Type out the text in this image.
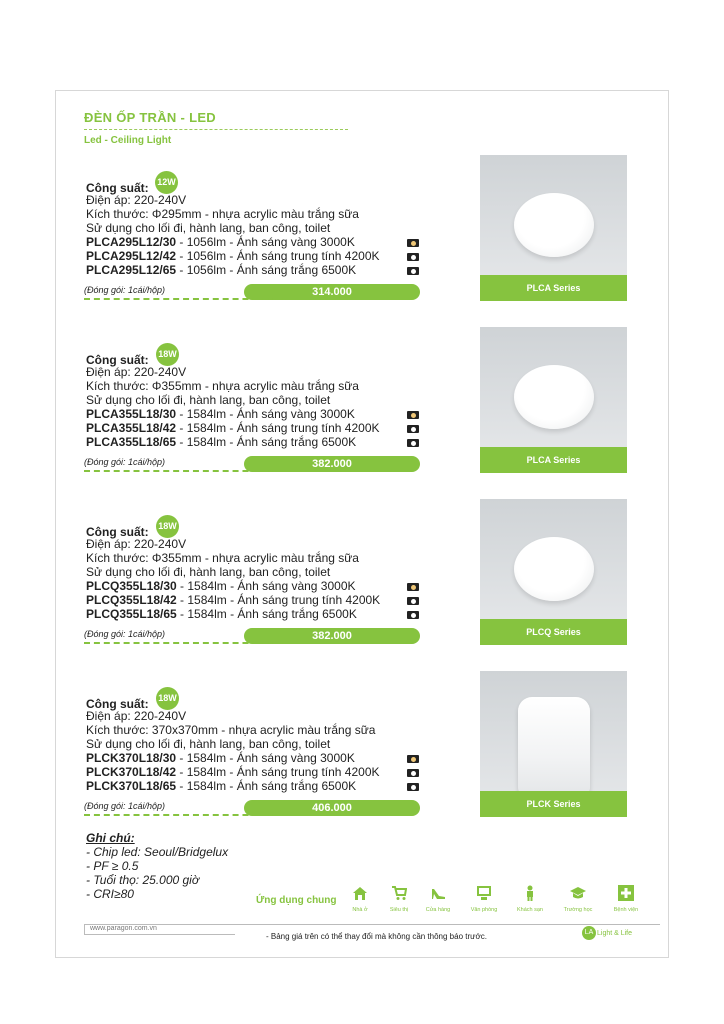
ĐÈN ỐP TRẦN - LED
Led - Ceiling Light
Công suất: 12W
Điện áp: 220-240V
Kích thước: Φ295mm - nhựa acrylic màu trắng sữa
Sử dụng cho lối đi, hành lang, ban công, toilet
PLCA295L12/30 - 1056lm - Ánh sáng vàng 3000K
PLCA295L12/42 - 1056lm - Ánh sáng trung tính 4200K
PLCA295L12/65 - 1056lm - Ánh sáng trắng 6500K
(Đóng gói: 1cái/hộp)	314.000	PLCA Series
Công suất: 18W
Điện áp: 220-240V
Kích thước: Φ355mm - nhựa acrylic màu trắng sữa
Sử dụng cho lối đi, hành lang, ban công, toilet
PLCA355L18/30 - 1584lm - Ánh sáng vàng 3000K
PLCA355L18/42 - 1584lm - Ánh sáng trung tính 4200K
PLCA355L18/65 - 1584lm - Ánh sáng trắng 6500K
(Đóng gói: 1cái/hộp)	382.000	PLCA Series
Công suất: 18W
Điện áp: 220-240V
Kích thước: Φ355mm - nhựa acrylic màu trắng sữa
Sử dụng cho lối đi, hành lang, ban công, toilet
PLCQ355L18/30 - 1584lm - Ánh sáng vàng 3000K
PLCQ355L18/42 - 1584lm - Ánh sáng trung tính 4200K
PLCQ355L18/65 - 1584lm - Ánh sáng trắng 6500K
(Đóng gói: 1cái/hộp)	382.000	PLCQ Series
Công suất: 18W
Điện áp: 220-240V
Kích thước: 370x370mm - nhựa acrylic màu trắng sữa
Sử dụng cho lối đi, hành lang, ban công, toilet
PLCK370L18/30 - 1584lm - Ánh sáng vàng 3000K
PLCK370L18/42 - 1584lm - Ánh sáng trung tính 4200K
PLCK370L18/65 - 1584lm - Ánh sáng trắng 6500K
(Đóng gói: 1cái/hộp)	406.000	PLCK Series
Ghi chú:
- Chip led: Seoul/Bridgelux
- PF ≥ 0.5
- Tuổi thọ: 25.000 giờ
- CRI≥80	Ứng dụng chung
Nhà ở	Siêu thị	Cửa hàng	Văn phòng	Khách sạn	Trường học	Bệnh viện
www.paragon.com.vn
- Bảng giá trên có thể thay đổi mà không cần thông báo trước.	LA Light & Life
